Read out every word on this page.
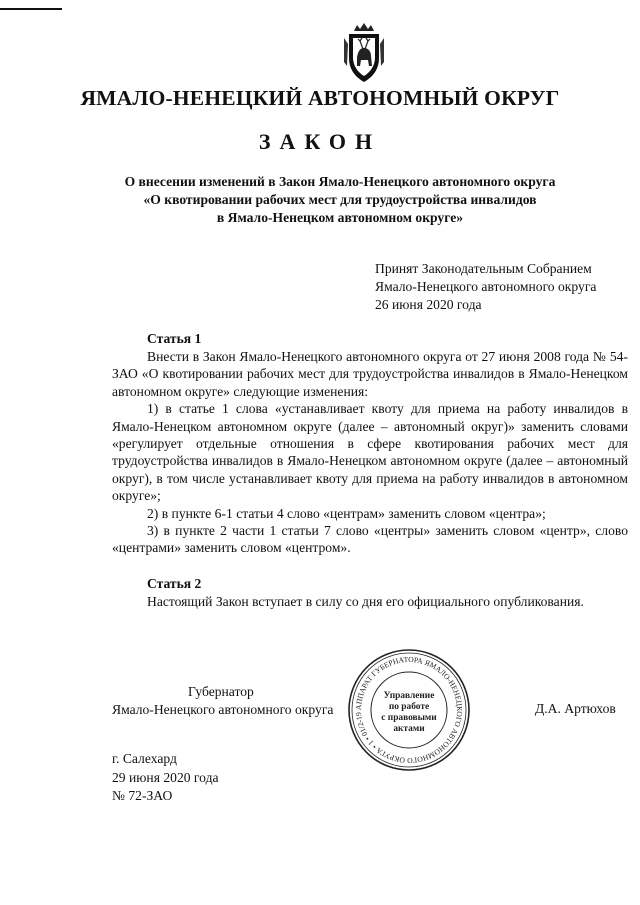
ЯМАЛО-НЕНЕЦКИЙ АВТОНОМНЫЙ ОКРУГ
ЗАКОН
О внесении изменений в Закон Ямало-Ненецкого автономного округа
«О квотировании рабочих мест для трудоустройства инвалидов
в Ямало-Ненецком автономном округе»
Принят Законодательным Собранием
Ямало-Ненецкого автономного округа
26 июня 2020 года
Статья 1

Внести в Закон Ямало-Ненецкого автономного округа от 27 июня 2008 года № 54-ЗАО «О квотировании рабочих мест для трудоустройства инвалидов в Ямало-Ненецком автономном округе» следующие изменения:

1) в статье 1 слова «устанавливает квоту для приема на работу инвалидов в Ямало-Ненецком автономном округе (далее – автономный округ)» заменить словами «регулирует отдельные отношения в сфере квотирования рабочих мест для трудоустройства инвалидов в Ямало-Ненецком автономном округе (далее – автономный округ), в том числе устанавливает квоту для приема на работу инвалидов в автономном округе»;

2) в пункте 6-1 статьи 4 слово «центрам» заменить словом «центра»;

3) в пункте 2 части 1 статьи 7 слово «центры» заменить словом «центр», слово «центрами» заменить словом «центром».

Статья 2

Настоящий Закон вступает в силу со дня его официального опубликования.

Губернатор
Ямало-Ненецкого автономного округа	Д.А. Артюхов
АППАРАТ ГУБЕРНАТОРА ЯМАЛО-НЕНЕЦКОГО АВТОНОМНОГО ОКРУГА • 1 • 01/2-19
Управление
по работе
с правовыми
актами
г. Салехард
29 июня 2020 года
№ 72-ЗАО
